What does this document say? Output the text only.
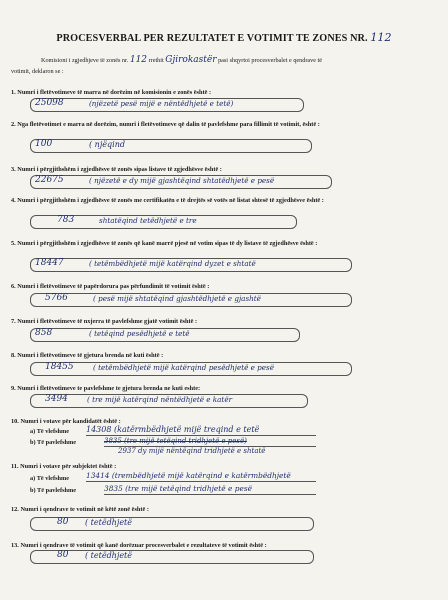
PROCESVERBAL PER REZULTATET E VOTIMIT TE ZONES NR. 112
Komisioni i zgjedhjeve të zonës nr. 112 rrethit Gjirokastër pasi shqyrtoi procesverbalet e qendrave të
votimit, deklaron se :
1. Numri i fletëvotimeve të marra në dorëzim në komisionin e zonës është :
25098	(njëzetë pesë mijë e nëntëdhjetë e tetë)
2. Nga fletëvotimet e marra në dorëzim, numri i fletëvotimeve që dalin të pavlefshme para fillimit të votimit, është :
100	( njëqind
3. Numri i përgjithshëm i zgjedhësve të zonës sipas listave të zgjedhësve është :
22675	( njëzetë e dy mijë gjashtëqind shtatëdhjetë e pesë
4. Numri i përgjithshëm i zgjedhësve të zonës me certifikatën e të drejtës së votës në listat shtesë të zgjedhësve është :
783	shtatëqind tetëdhjetë e tre
5. Numri i përgjithshëm i zgjedhësve të zonës që kanë marrë pjesë në votim sipas të dy listave të zgjedhësve është :
18447	( tetëmbëdhjetë mijë katërqind dyzet e shtatë
6. Numri i fletëvotimeve të papërdorura pas përfundimit të votimit është :
5766	( pesë mijë shtatëqind gjashtëdhjetë e gjashtë
7. Numri i fletëvotimeve të nxjerra të pavlefshme gjatë votimit është :
858	( tetëqind pesëdhjetë e tetë
8. Numri i fletëvotimeve të gjetura brenda në kuti është :
18455	( tetëmbëdhjetë mijë katërqind pesëdhjetë e pesë
9. Numri i fletëvotimeve te pavlefshme te gjetura brenda ne kuti eshte:
3494	( tre mijë katërqind nëntëdhjetë e katër
10. Numri i votave për kandidatët është :
a) Të vlefshme 14308 (katërmbëdhjetë mijë treqind e tetë
b) Të pavlefshme	3835 (tre mijë tetëqind tridhjetë e pesë)
2937 dy mijë nëntëqind tridhjetë e shtatë
11. Numri i votave për subjektet është :
a) Të vlefshme 13414 (trembëdhjetë mijë katërqind e katërmbëdhjetë
b) Të pavlefshme	3835 (tre mijë tetëqind tridhjetë e pesë
12. Numri i qendrave te votimit në këtë zonë është :
80 ( tetëdhjetë
13. Numri i qendrave të votimit që kanë dorëzuar procesverbalet e rezultateve të votimit është :
80 ( tetëdhjetë
